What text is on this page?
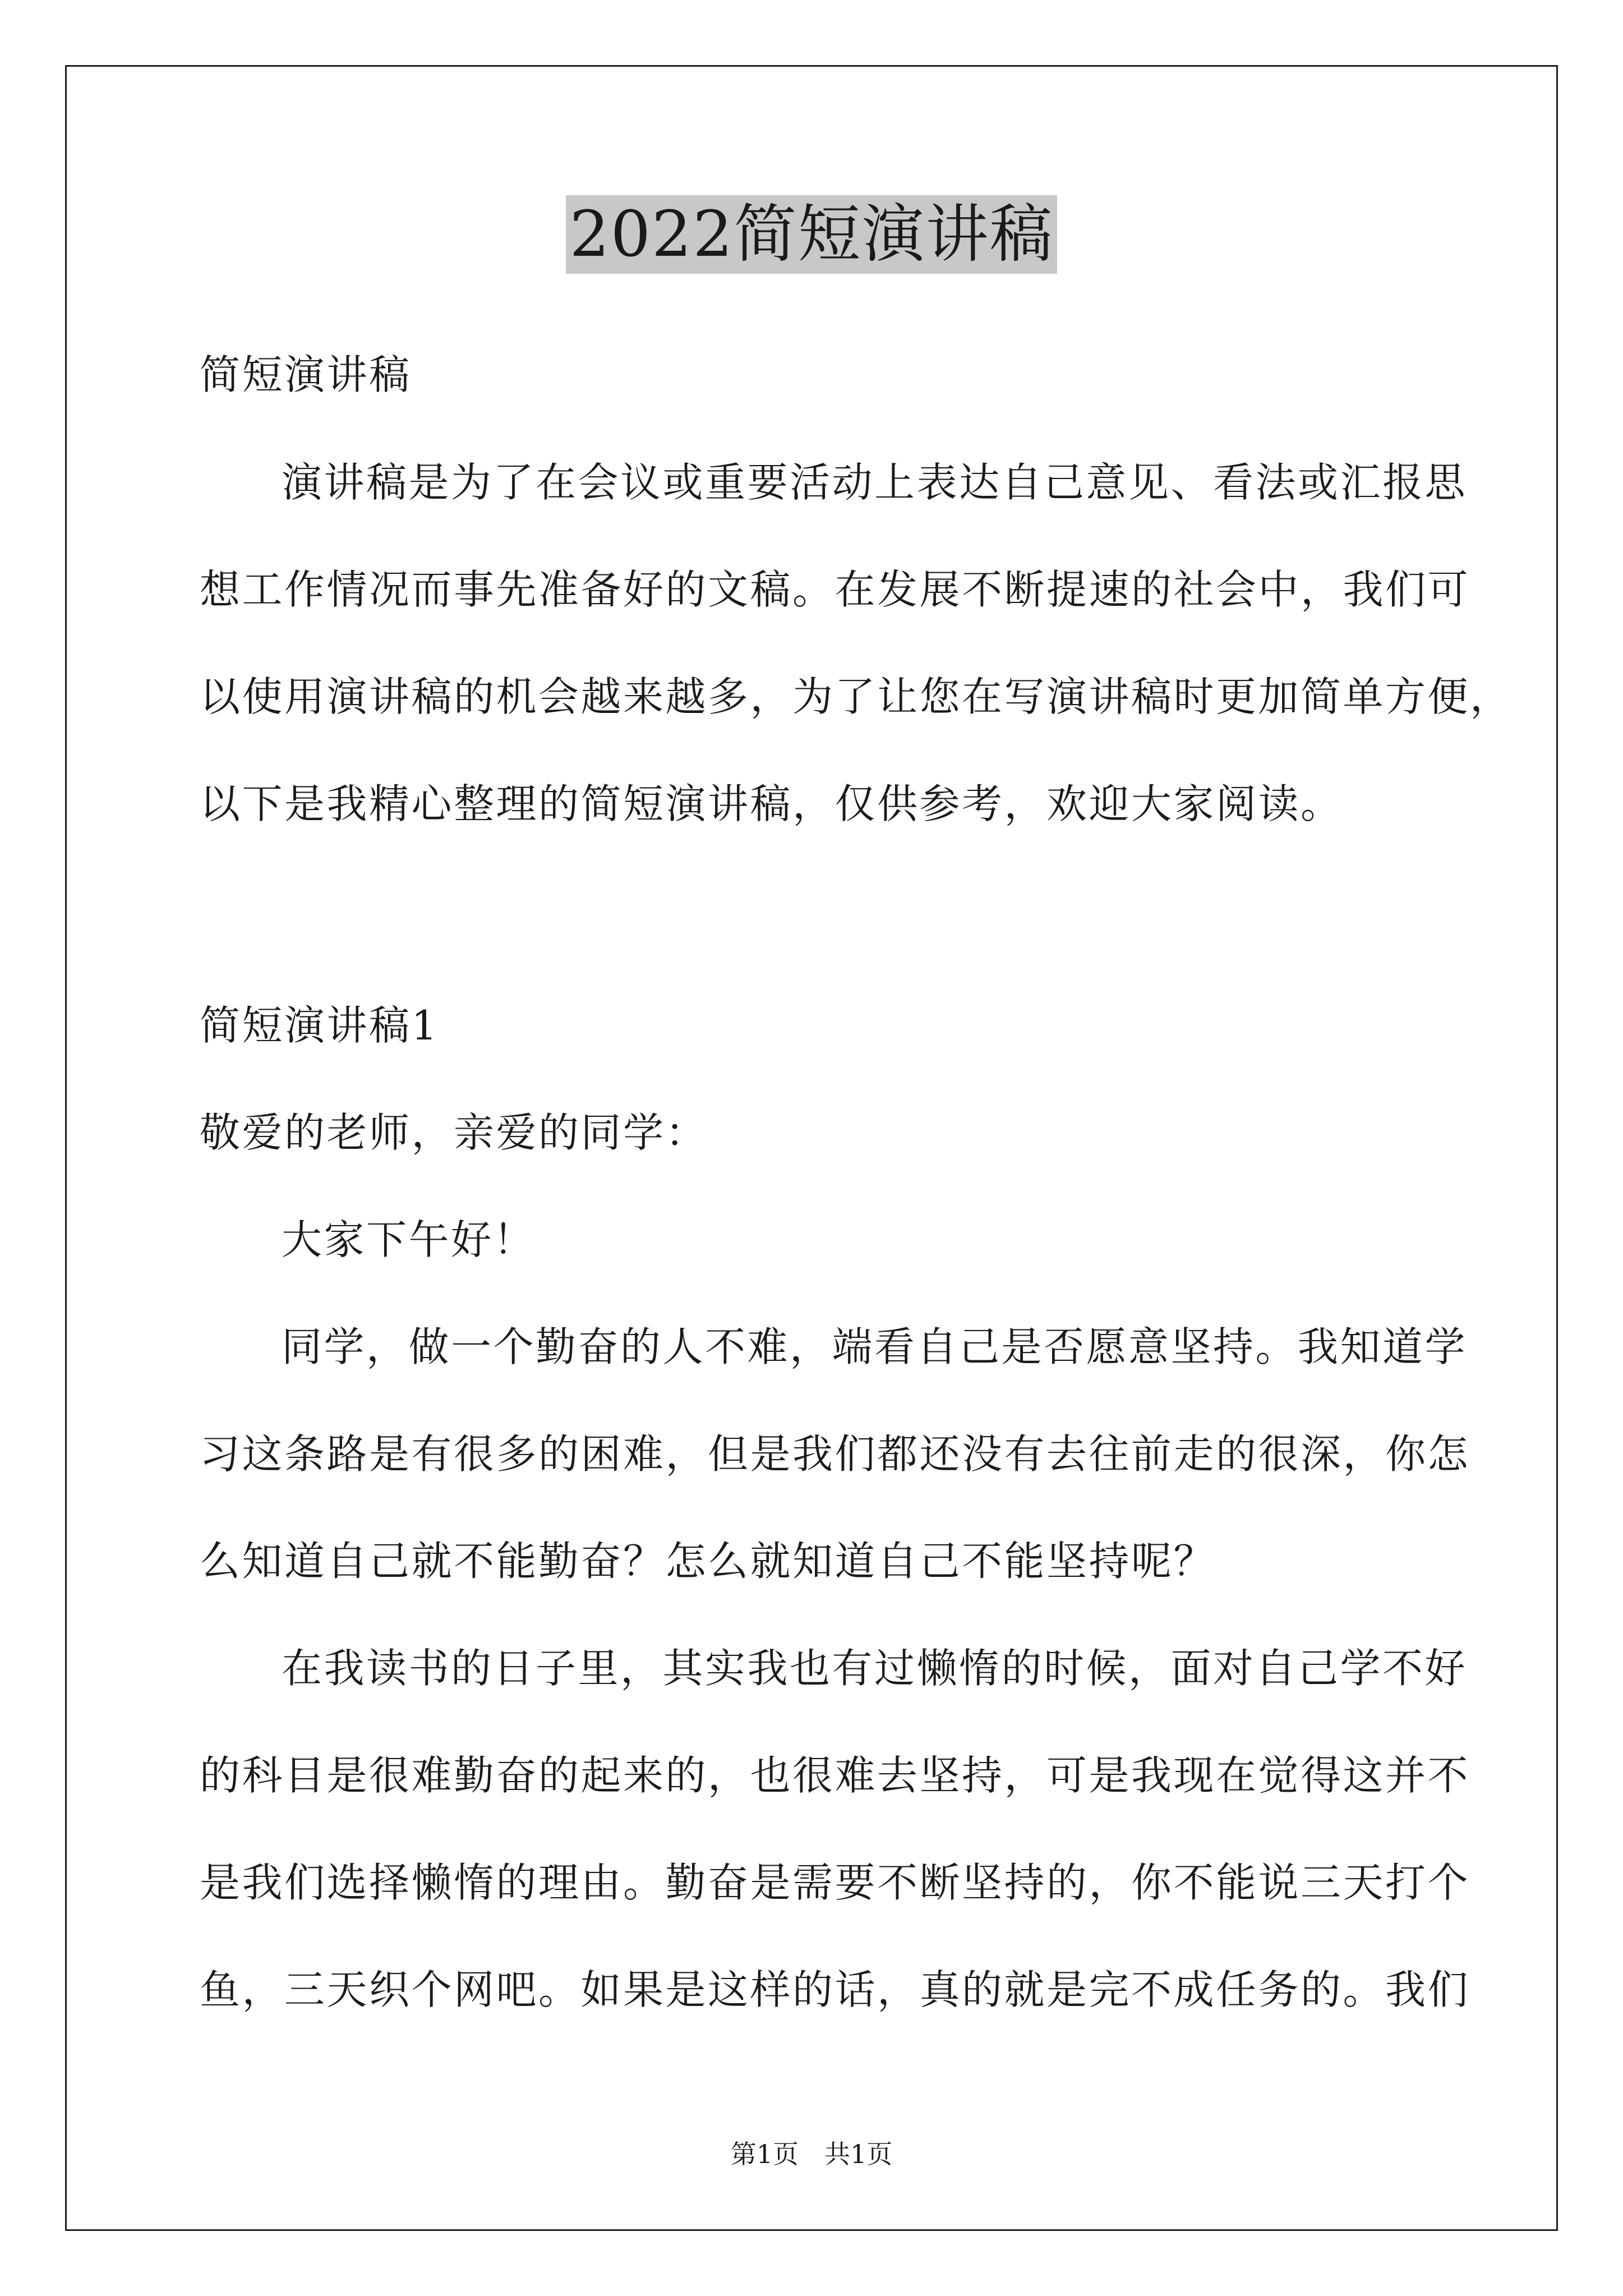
2022简短演讲稿

简短演讲稿

演讲稿是为了在会议或重要活动上表达自己意见、看法或汇报思

想工作情况而事先准备好的文稿。在发展不断提速的社会中，我们可

以使用演讲稿的机会越来越多，为了让您在写演讲稿时更加简单方便，

以下是我精心整理的简短演讲稿，仅供参考，欢迎大家阅读。

简短演讲稿1

敬爱的老师，亲爱的同学：

大家下午好！

同学，做一个勤奋的人不难，端看自己是否愿意坚持。我知道学

习这条路是有很多的困难，但是我们都还没有去往前走的很深，你怎

么知道自己就不能勤奋？怎么就知道自己不能坚持呢？

在我读书的日子里，其实我也有过懒惰的时候，面对自己学不好

的科目是很难勤奋的起来的，也很难去坚持，可是我现在觉得这并不

是我们选择懒惰的理由。勤奋是需要不断坚持的，你不能说三天打个

鱼，三天织个网吧。如果是这样的话，真的就是完不成任务的。我们

第1页　共1页
